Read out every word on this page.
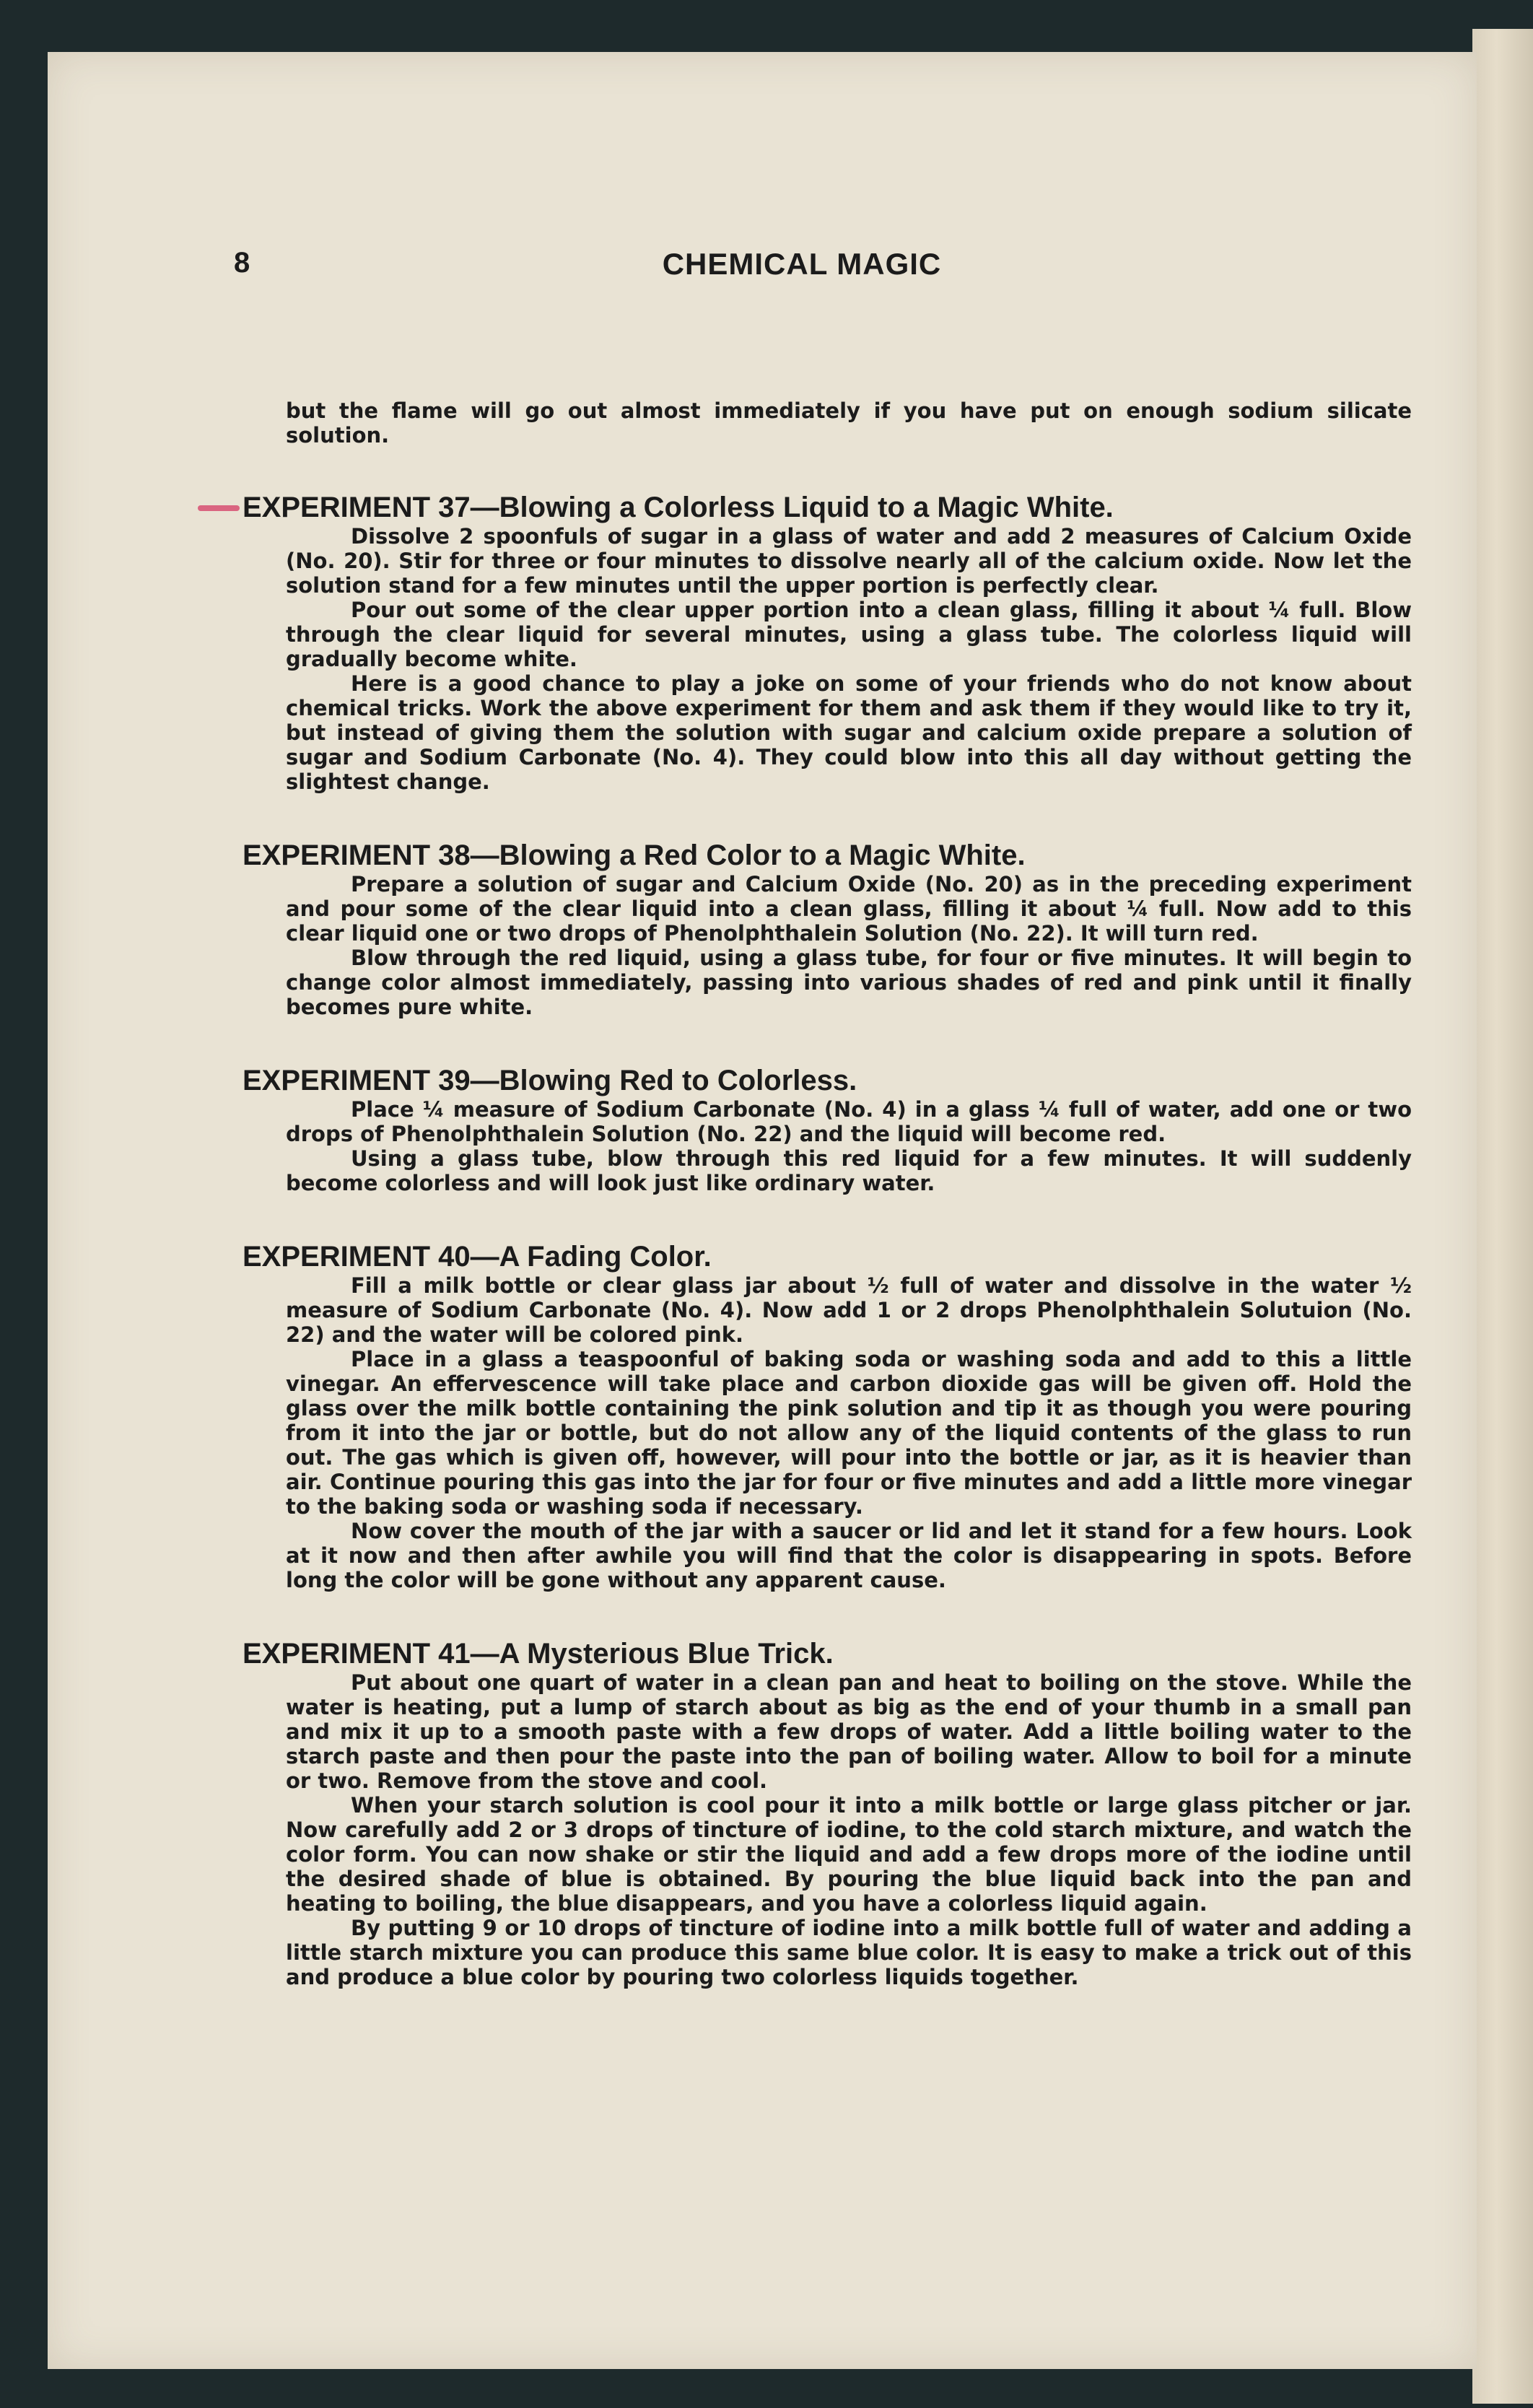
8	CHEMICAL MAGIC

but the flame will go out almost immediately if you have put on enough sodium silicate solution.

EXPERIMENT 37—Blowing a Colorless Liquid to a Magic White.

Dissolve 2 spoonfuls of sugar in a glass of water and add 2 measures of Calcium Oxide (No. 20). Stir for three or four minutes to dissolve nearly all of the calcium oxide. Now let the solution stand for a few minutes until the upper portion is perfectly clear.

Pour out some of the clear upper portion into a clean glass, filling it about ¼ full. Blow through the clear liquid for several minutes, using a glass tube. The colorless liquid will gradually become white.

Here is a good chance to play a joke on some of your friends who do not know about chemical tricks. Work the above experiment for them and ask them if they would like to try it, but instead of giving them the solution with sugar and calcium oxide prepare a solution of sugar and Sodium Carbonate (No. 4). They could blow into this all day without getting the slightest change.

EXPERIMENT 38—Blowing a Red Color to a Magic White.

Prepare a solution of sugar and Calcium Oxide (No. 20) as in the preceding experiment and pour some of the clear liquid into a clean glass, filling it about ¼ full. Now add to this clear liquid one or two drops of Phenolphthalein Solution (No. 22). It will turn red.

Blow through the red liquid, using a glass tube, for four or five minutes. It will begin to change color almost immediately, passing into various shades of red and pink until it finally becomes pure white.

EXPERIMENT 39—Blowing Red to Colorless.

Place ¼ measure of Sodium Carbonate (No. 4) in a glass ¼ full of water, add one or two drops of Phenolphthalein Solution (No. 22) and the liquid will become red.

Using a glass tube, blow through this red liquid for a few minutes. It will suddenly become colorless and will look just like ordinary water.

EXPERIMENT 40—A Fading Color.

Fill a milk bottle or clear glass jar about ½ full of water and dissolve in the water ½ measure of Sodium Carbonate (No. 4). Now add 1 or 2 drops Phenolphthalein Solutuion (No. 22) and the water will be colored pink.

Place in a glass a teaspoonful of baking soda or washing soda and add to this a little vinegar. An effervescence will take place and carbon dioxide gas will be given off. Hold the glass over the milk bottle containing the pink solution and tip it as though you were pouring from it into the jar or bottle, but do not allow any of the liquid contents of the glass to run out. The gas which is given off, however, will pour into the bottle or jar, as it is heavier than air. Continue pouring this gas into the jar for four or five minutes and add a little more vinegar to the baking soda or washing soda if necessary.

Now cover the mouth of the jar with a saucer or lid and let it stand for a few hours. Look at it now and then after awhile you will find that the color is disappearing in spots. Before long the color will be gone without any apparent cause.

EXPERIMENT 41—A Mysterious Blue Trick.

Put about one quart of water in a clean pan and heat to boiling on the stove. While the water is heating, put a lump of starch about as big as the end of your thumb in a small pan and mix it up to a smooth paste with a few drops of water. Add a little boiling water to the starch paste and then pour the paste into the pan of boiling water. Allow to boil for a minute or two. Remove from the stove and cool.

When your starch solution is cool pour it into a milk bottle or large glass pitcher or jar. Now carefully add 2 or 3 drops of tincture of iodine, to the cold starch mixture, and watch the color form. You can now shake or stir the liquid and add a few drops more of the iodine until the desired shade of blue is obtained. By pouring the blue liquid back into the pan and heating to boiling, the blue disappears, and you have a colorless liquid again.

By putting 9 or 10 drops of tincture of iodine into a milk bottle full of water and adding a little starch mixture you can produce this same blue color. It is easy to make a trick out of this and produce a blue color by pouring two colorless liquids together.
